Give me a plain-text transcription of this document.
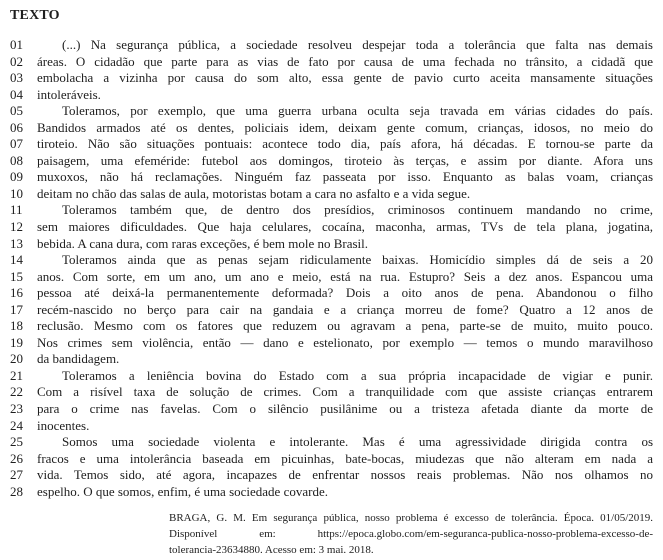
TEXTO
01	(...) Na segurança pública, a sociedade resolveu despejar toda a tolerância que falta nas demais
02	áreas. O cidadão que parte para as vias de fato por causa de uma fechada no trânsito, a cidadã que
03	embolacha a vizinha por causa do som alto, essa gente de pavio curto aceita mansamente situações
04	intoleráveis.
05	Toleramos, por exemplo, que uma guerra urbana oculta seja travada em várias cidades do país.
06	Bandidos armados até os dentes, policiais idem, deixam gente comum, crianças, idosos, no meio do
07	tiroteio. Não são situações pontuais: acontece todo dia, país afora, há décadas. E tornou-se parte da
08	paisagem, uma efeméride: futebol aos domingos, tiroteio às terças, e assim por diante. Afora uns
09	muxoxos, não há reclamações. Ninguém faz passeata por isso. Enquanto as balas voam, crianças
10	deitam no chão das salas de aula, motoristas botam a cara no asfalto e a vida segue.
11	Toleramos também que, de dentro dos presídios, criminosos continuem mandando no crime,
12	sem maiores dificuldades. Que haja celulares, cocaína, maconha, armas, TVs de tela plana, jogatina,
13	bebida. A cana dura, com raras exceções, é bem mole no Brasil.
14	Toleramos ainda que as penas sejam ridiculamente baixas. Homicídio simples dá de seis a 20
15	anos. Com sorte, em um ano, um ano e meio, está na rua. Estupro? Seis a dez anos. Espancou uma
16	pessoa até deixá-la permanentemente deformada? Dois a oito anos de pena. Abandonou o filho
17	recém-nascido no berço para cair na gandaia e a criança morreu de fome? Quatro a 12 anos de
18	reclusão. Mesmo com os fatores que reduzem ou agravam a pena, parte-se de muito, muito pouco.
19	Nos crimes sem violência, então — dano e estelionato, por exemplo — temos o mundo maravilhoso
20	da bandidagem.
21	Toleramos a leniência bovina do Estado com a sua própria incapacidade de vigiar e punir.
22	Com a risível taxa de solução de crimes. Com a tranquilidade com que assiste crianças entrarem
23	para o crime nas favelas. Com o silêncio pusilânime ou a tristeza afetada diante da morte de
24	inocentes.
25	Somos uma sociedade violenta e intolerante. Mas é uma agressividade dirigida contra os
26	fracos e uma intolerância baseada em picuinhas, bate-bocas, miudezas que não alteram em nada a
27	vida. Temos sido, até agora, incapazes de enfrentar nossos reais problemas. Não nos olhamos no
28	espelho. O que somos, enfim, é uma sociedade covarde.
BRAGA, G. M. Em segurança pública, nosso problema é excesso de tolerância. Época. 01/05/2019.
Disponível em: https://epoca.globo.com/em-seguranca-publica-nosso-problema-excesso-de-
tolerancia-23634880. Acesso em: 3 mai. 2018.
